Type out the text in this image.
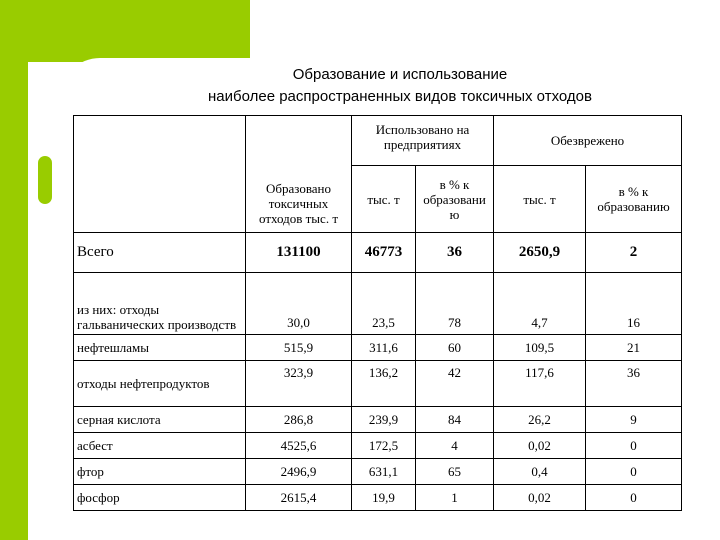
Образование и использование
наиболее распространенных видов токсичных отходов
	Образовано токсичных отходов тыс. т	Использовано на предприятиях		Обезврежено	
		тыс. т	в % к образовани ю	тыс. т	в % к образованию
Всего	131100	46773	36	2650,9	2
из них: отходы гальванических производств	30,0	23,5	78	4,7	16
нефтешламы	515,9	311,6	60	109,5	21
отходы нефтепродуктов	323,9	136,2	42	117,6	36
серная кислота	286,8	239,9	84	26,2	9
асбест	4525,6	172,5	4	0,02	0
фтор	2496,9	631,1	65	0,4	0
фосфор	2615,4	19,9	1	0,02	0
